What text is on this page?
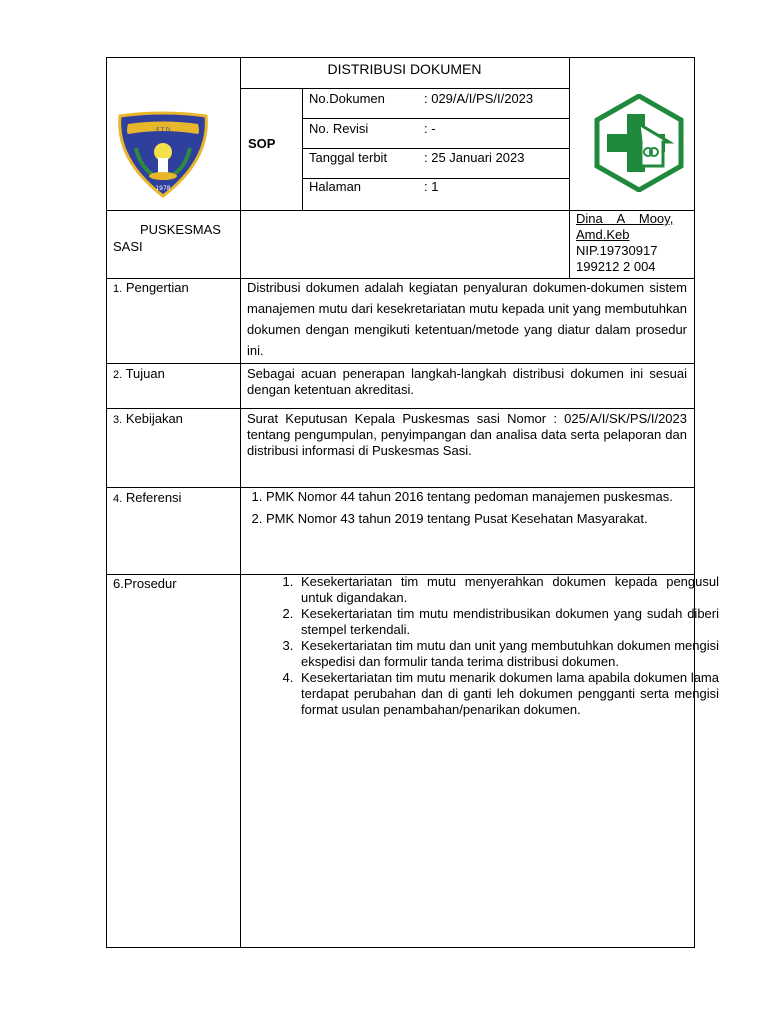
F.T.D
1978
DISTRIBUSI DOKUMEN
SOP
No.Dokumen	: 029/A/I/PS/I/2023
No. Revisi	: -
Tanggal terbit	: 25 Januari 2023
Halaman	: 1
PUSKESMAS
SASI
Dina    A    Mooy,
Amd.Keb
NIP.19730917
199212 2 004
1. Pengertian	Distribusi dokumen adalah kegiatan penyaluran dokumen-dokumen sistem manajemen mutu dari kesekretariatan mutu kepada unit yang membutuhkan dokumen dengan mengikuti ketentuan/metode yang diatur dalam prosedur ini.
2. Tujuan	Sebagai acuan penerapan langkah-langkah distribusi dokumen ini sesuai dengan ketentuan akreditasi.
3. Kebijakan	Surat Keputusan Kepala Puskesmas sasi Nomor : 025/A/I/SK/PS/I/2023 tentang pengumpulan, penyimpangan dan analisa data serta pelaporan dan distribusi informasi di Puskesmas Sasi.
4. Referensi	1. PMK Nomor 44 tahun 2016 tentang pedoman manajemen puskesmas.
2. PMK Nomor 43 tahun 2019 tentang Pusat Kesehatan Masyarakat.
6.Prosedur	1. Kesekertariatan tim mutu menyerahkan dokumen kepada pengusul untuk digandakan.
2. Kesekertariatan tim mutu mendistribusikan dokumen yang sudah diberi stempel terkendali.
3. Kesekertariatan tim mutu dan unit yang membutuhkan dokumen mengisi ekspedisi dan formulir tanda terima distribusi dokumen.
4. Kesekertariatan tim mutu menarik dokumen lama apabila dokumen lama terdapat perubahan dan di ganti leh dokumen pengganti serta mengisi format usulan penambahan/penarikan dokumen.
